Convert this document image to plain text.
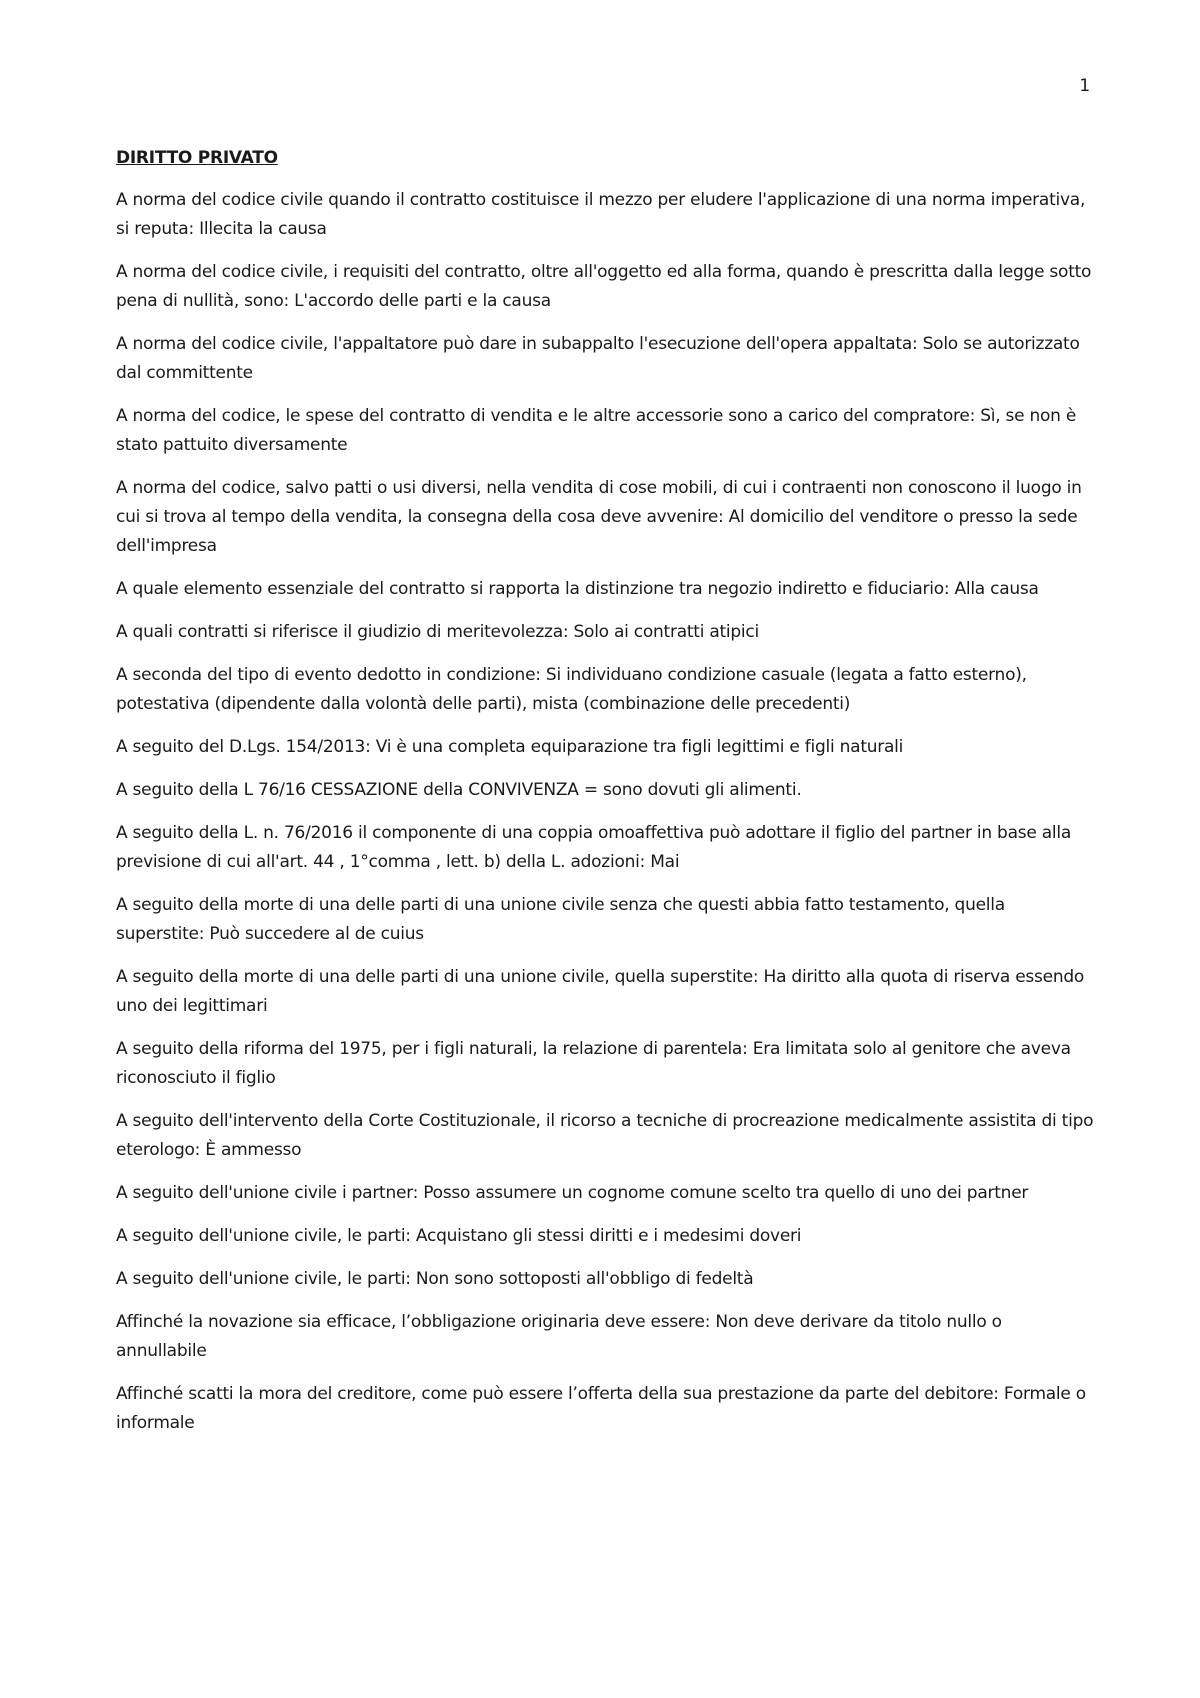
1
DIRITTO PRIVATO

A norma del codice civile quando il contratto costituisce il mezzo per eludere l'applicazione di una norma imperativa, si reputa: Illecita la causa

A norma del codice civile, i requisiti del contratto, oltre all'oggetto ed alla forma, quando è prescritta dalla legge sotto pena di nullità, sono: L'accordo delle parti e la causa

A norma del codice civile, l'appaltatore può dare in subappalto l'esecuzione dell'opera appaltata: Solo se autorizzato dal committente

A norma del codice, le spese del contratto di vendita e le altre accessorie sono a carico del compratore: Sì, se non è stato pattuito diversamente

A norma del codice, salvo patti o usi diversi, nella vendita di cose mobili, di cui i contraenti non conoscono il luogo in cui si trova al tempo della vendita, la consegna della cosa deve avvenire: Al domicilio del venditore o presso la sede dell'impresa

A quale elemento essenziale del contratto si rapporta la distinzione tra negozio indiretto e fiduciario: Alla causa

A quali contratti si riferisce il giudizio di meritevolezza: Solo ai contratti atipici

A seconda del tipo di evento dedotto in condizione: Si individuano condizione casuale (legata a fatto esterno), potestativa (dipendente dalla volontà delle parti), mista (combinazione delle precedenti)

A seguito del D.Lgs. 154/2013: Vi è una completa equiparazione tra figli legittimi e figli naturali

A seguito della L 76/16 CESSAZIONE della CONVIVENZA = sono dovuti gli alimenti.

A seguito della L. n. 76/2016 il componente di una coppia omoaffettiva può adottare il figlio del partner in base alla previsione di cui all'art. 44 , 1°comma , lett. b) della L. adozioni: Mai

A seguito della morte di una delle parti di una unione civile senza che questi abbia fatto testamento, quella superstite: Può succedere al de cuius

A seguito della morte di una delle parti di una unione civile, quella superstite: Ha diritto alla quota di riserva essendo uno dei legittimari

A seguito della riforma del 1975, per i figli naturali, la relazione di parentela: Era limitata solo al genitore che aveva riconosciuto il figlio

A seguito dell'intervento della Corte Costituzionale, il ricorso a tecniche di procreazione medicalmente assistita di tipo eterologo: È ammesso

A seguito dell'unione civile i partner: Posso assumere un cognome comune scelto tra quello di uno dei partner

A seguito dell'unione civile, le parti: Acquistano gli stessi diritti e i medesimi doveri

A seguito dell'unione civile, le parti: Non sono sottoposti all'obbligo di fedeltà

Affinché la novazione sia efficace, l’obbligazione originaria deve essere: Non deve derivare da titolo nullo o annullabile

Affinché scatti la mora del creditore, come può essere l’offerta della sua prestazione da parte del debitore: Formale o informale
